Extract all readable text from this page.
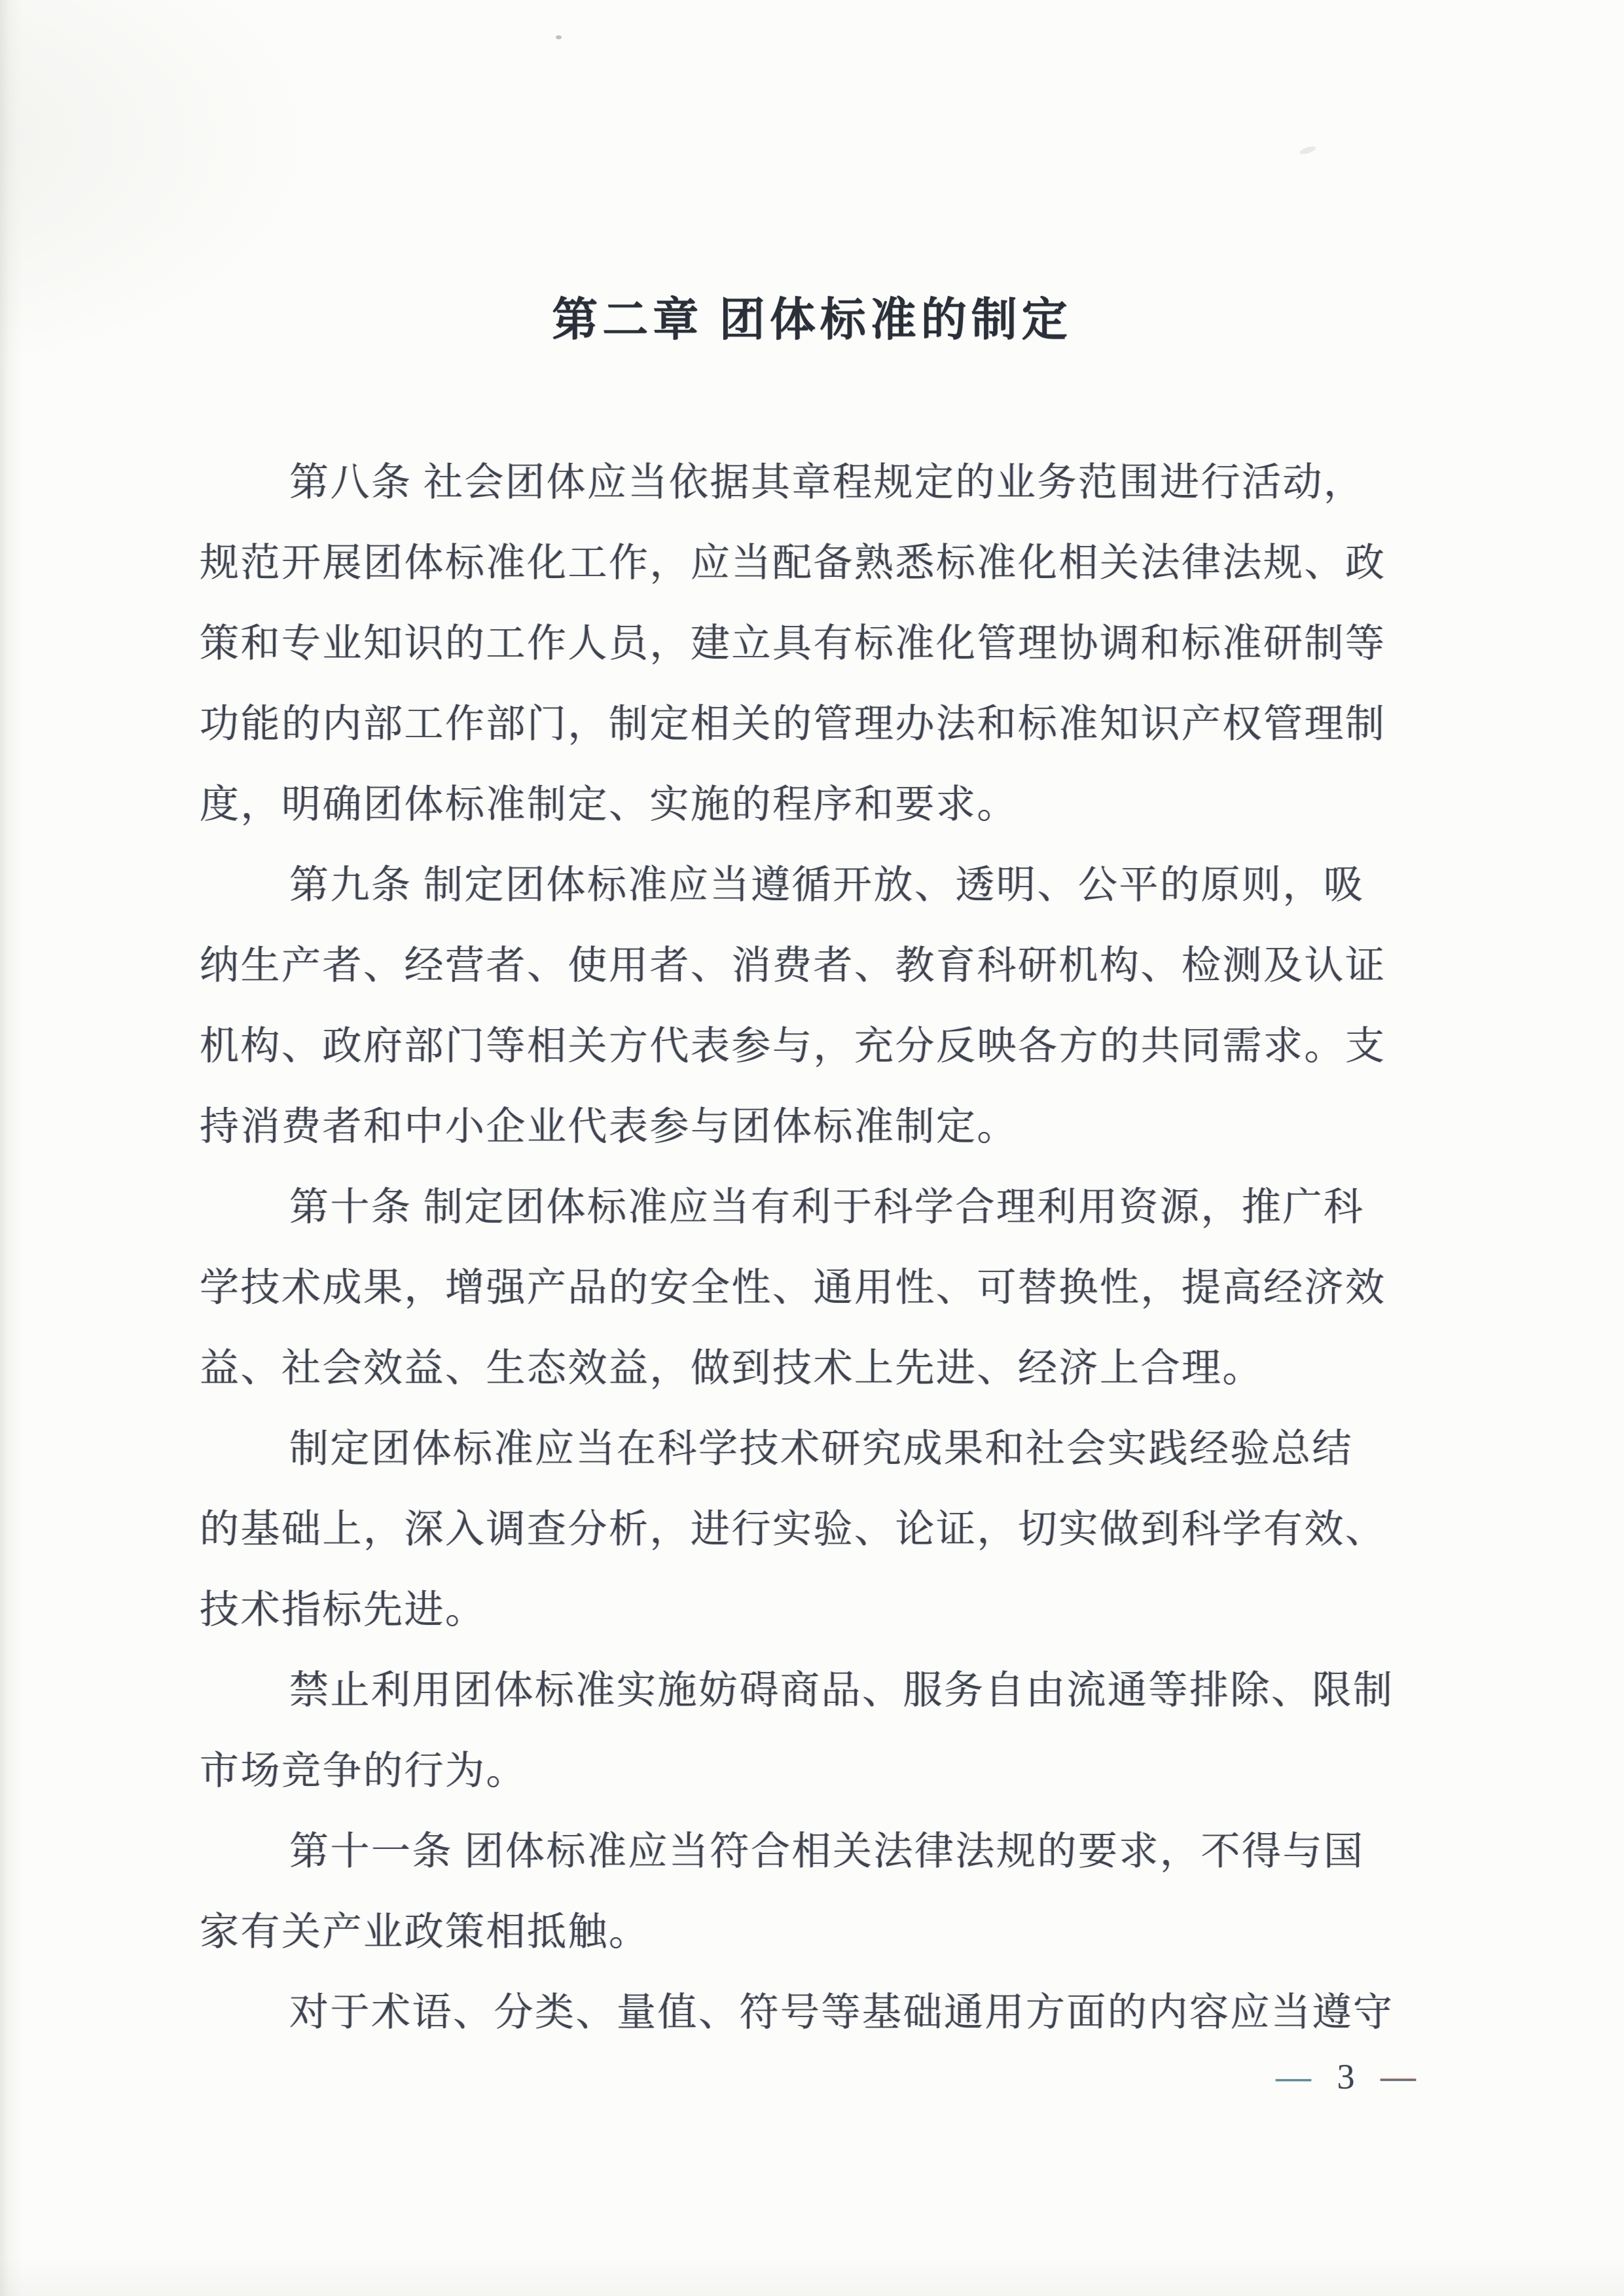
第二章 团体标准的制定
第八条 社会团体应当依据其章程规定的业务范围进行活动，
规范开展团体标准化工作，应当配备熟悉标准化相关法律法规、政
策和专业知识的工作人员，建立具有标准化管理协调和标准研制等
功能的内部工作部门，制定相关的管理办法和标准知识产权管理制
度，明确团体标准制定、实施的程序和要求。
第九条 制定团体标准应当遵循开放、透明、公平的原则，吸
纳生产者、经营者、使用者、消费者、教育科研机构、检测及认证
机构、政府部门等相关方代表参与，充分反映各方的共同需求。支
持消费者和中小企业代表参与团体标准制定。
第十条 制定团体标准应当有利于科学合理利用资源，推广科
学技术成果，增强产品的安全性、通用性、可替换性，提高经济效
益、社会效益、生态效益，做到技术上先进、经济上合理。
制定团体标准应当在科学技术研究成果和社会实践经验总结
的基础上，深入调查分析，进行实验、论证，切实做到科学有效、
技术指标先进。
禁止利用团体标准实施妨碍商品、服务自由流通等排除、限制
市场竞争的行为。
第十一条 团体标准应当符合相关法律法规的要求，不得与国
家有关产业政策相抵触。
对于术语、分类、量值、符号等基础通用方面的内容应当遵守
— 3 —
